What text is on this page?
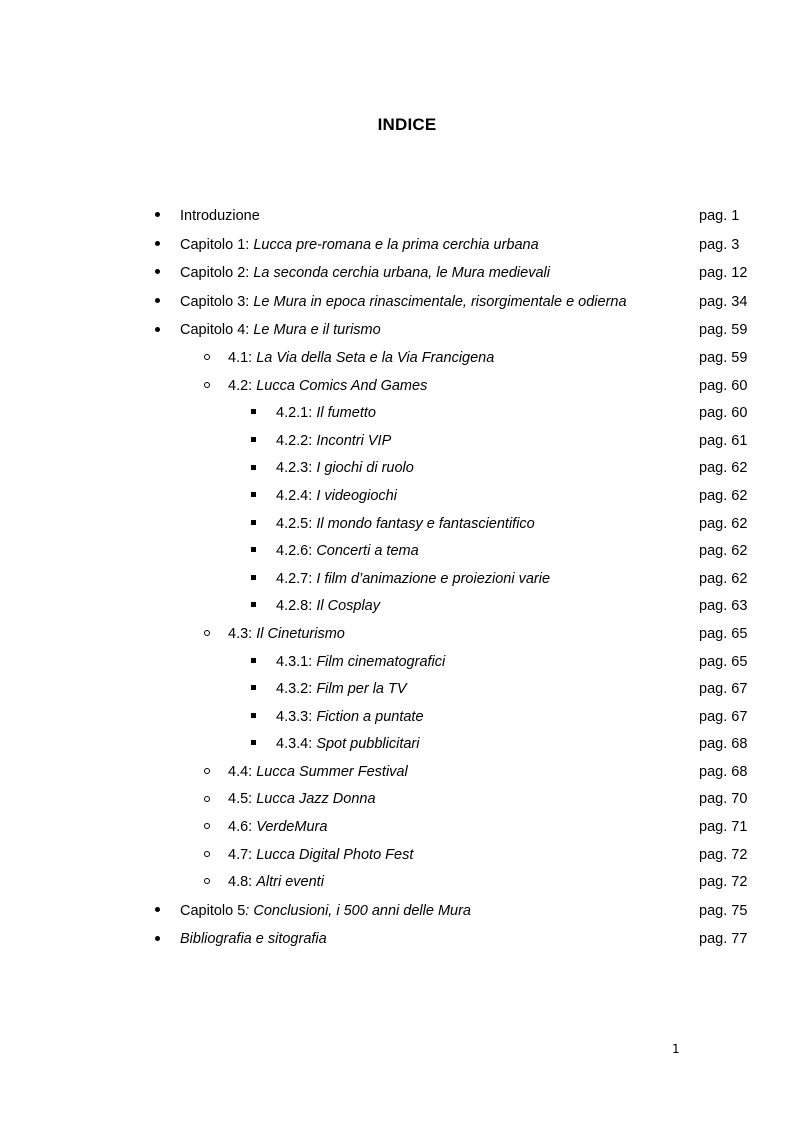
INDICE
Introduzione	pag. 1
Capitolo 1: Lucca pre-romana e la prima cerchia urbana	pag. 3
Capitolo 2: La seconda cerchia urbana, le Mura medievali	pag. 12
Capitolo 3: Le Mura in epoca rinascimentale, risorgimentale e odierna	pag. 34
Capitolo 4: Le Mura e il turismo	pag. 59
4.1: La Via della Seta e la Via Francigena	pag. 59
4.2: Lucca Comics And Games	pag. 60
4.2.1: Il fumetto	pag. 60
4.2.2: Incontri VIP	pag. 61
4.2.3: I giochi di ruolo	pag. 62
4.2.4: I videogiochi	pag. 62
4.2.5: Il mondo fantasy e fantascientifico	pag. 62
4.2.6: Concerti a tema	pag. 62
4.2.7: I film d’animazione e proiezioni varie	pag. 62
4.2.8: Il Cosplay	pag. 63
4.3: Il Cineturismo	pag. 65
4.3.1: Film cinematografici	pag. 65
4.3.2: Film per la TV	pag. 67
4.3.3: Fiction a puntate	pag. 67
4.3.4: Spot pubblicitari	pag. 68
4.4: Lucca Summer Festival	pag. 68
4.5: Lucca Jazz Donna	pag. 70
4.6: VerdeMura	pag. 71
4.7: Lucca Digital Photo Fest	pag. 72
4.8: Altri eventi	pag. 72
Capitolo 5: Conclusioni, i 500 anni delle Mura	pag. 75
Bibliografia e sitografia	pag. 77
1
